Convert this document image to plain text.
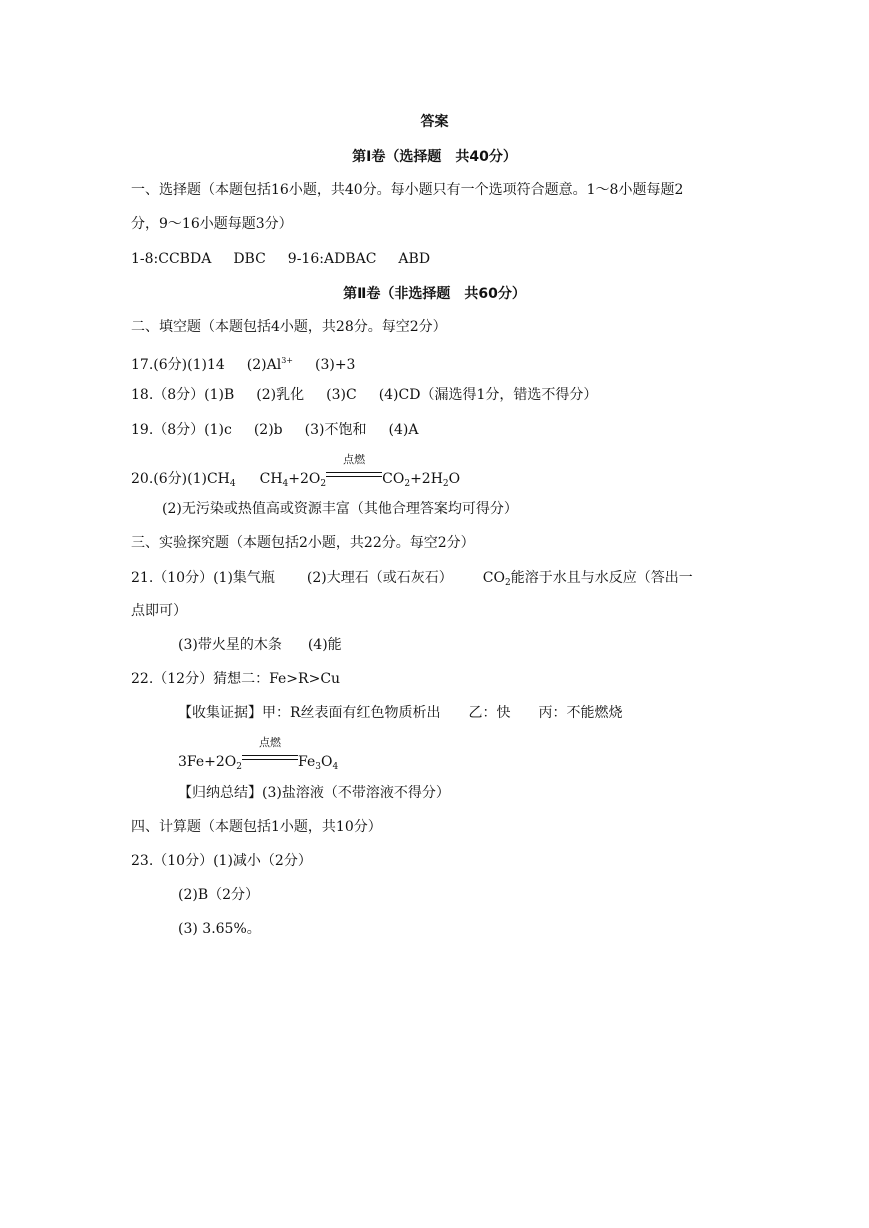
答案
第Ⅰ卷（选择题　共40分）
一、选择题（本题包括16小题，共40分。每小题只有一个选项符合题意。1～8小题每题2
分，9～16小题每题3分）
1-8:CCBDA DBC 9-16:ADBAC ABD
第Ⅱ卷（非选择题　共60分）
二、填空题（本题包括4小题，共28分。每空2分）
17.(6分)(1)14 $(2)Al^{3+}$ (3)+3
18.（8分）(1)B (2)乳化 (3)C (4)CD（漏选得1分，错选不得分）
19.（8分）(1)c (2)b (3)不饱和 (4)A
20.(6分)$(1)CH_4$ $CH_4+2O_2$
点燃
$CO_2+2H_2O$
(2)无污染或热值高或资源丰富（其他合理答案均可得分）
三、实验探究题（本题包括2小题，共22分。每空2分）
21.（10分）(1)集气瓶 (2)大理石（或石灰石） $CO_2$能溶于水且与水反应（答出一
点即可）
(3)带火星的木条 (4)能
22.（12分）猜想二：Fe>R>Cu
【收集证据】甲：R丝表面有红色物质析出 乙：快 丙：不能燃烧
$3Fe+2O_2$
点燃
$Fe_3O_4$
【归纳总结】(3)盐溶液（不带溶液不得分）
四、计算题（本题包括1小题，共10分）
23.（10分）(1)减小（2分）
(2)B（2分）
(3) 3.65%。
